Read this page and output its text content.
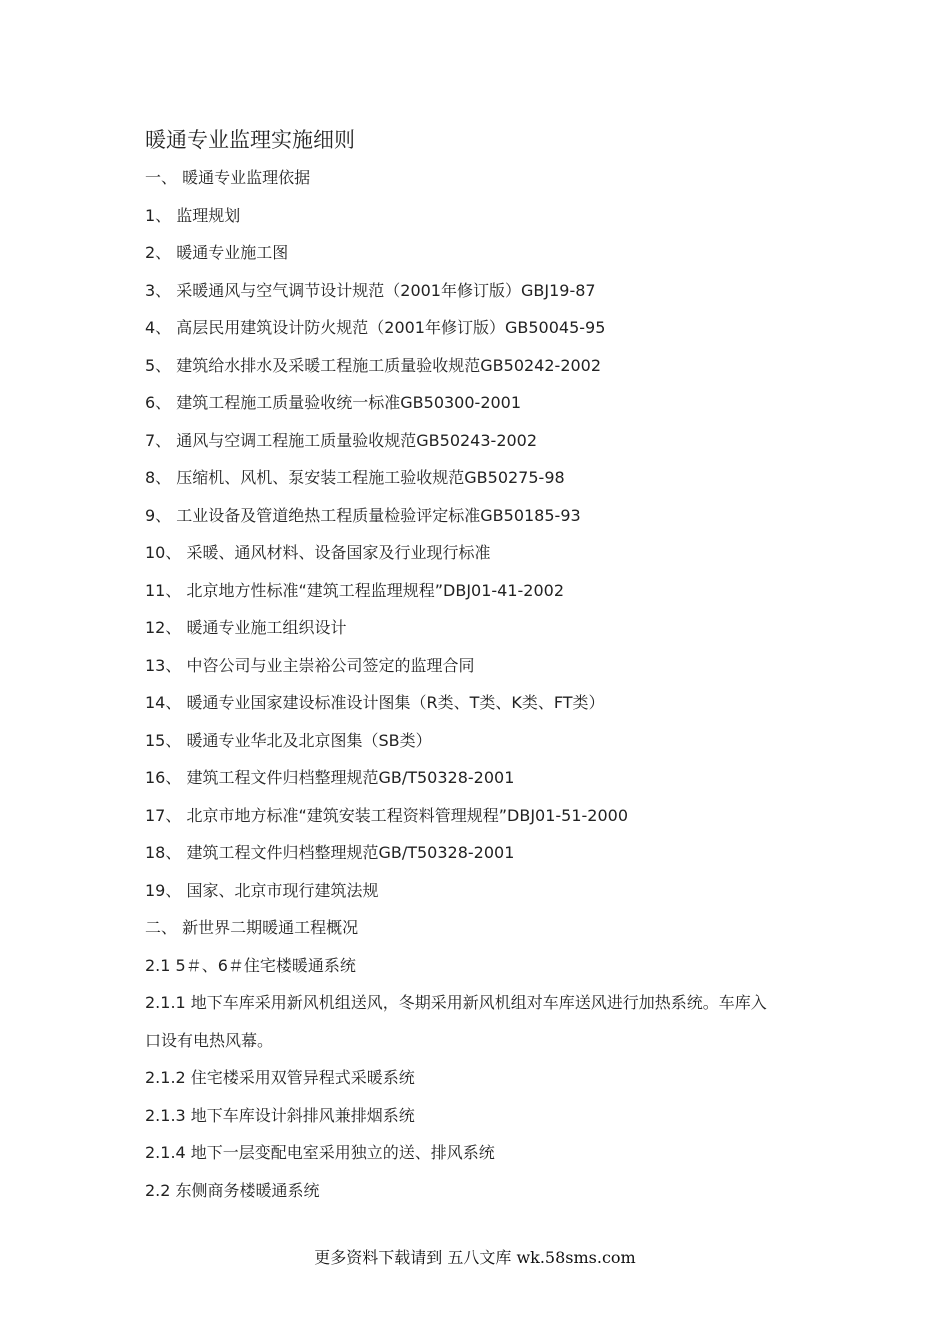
暖通专业监理实施细则
一、 暖通专业监理依据
1、 监理规划
2、 暖通专业施工图
3、 采暖通风与空气调节设计规范（2001年修订版）GBJ19-87
4、 高层民用建筑设计防火规范（2001年修订版）GB50045-95
5、 建筑给水排水及采暖工程施工质量验收规范GB50242-2002
6、 建筑工程施工质量验收统一标准GB50300-2001
7、 通风与空调工程施工质量验收规范GB50243-2002
8、 压缩机、风机、泵安装工程施工验收规范GB50275-98
9、 工业设备及管道绝热工程质量检验评定标准GB50185-93
10、 采暖、通风材料、设备国家及行业现行标准
11、 北京地方性标准“建筑工程监理规程”DBJ01-41-2002
12、 暖通专业施工组织设计
13、 中咨公司与业主崇裕公司签定的监理合同
14、 暖通专业国家建设标准设计图集（R类、T类、K类、FT类）
15、 暖通专业华北及北京图集（SB类）
16、 建筑工程文件归档整理规范GB/T50328-2001
17、 北京市地方标准“建筑安装工程资料管理规程”DBJ01-51-2000
18、 建筑工程文件归档整理规范GB/T50328-2001
19、 国家、北京市现行建筑法规
二、 新世界二期暖通工程概况
2.1 5＃、6＃住宅楼暖通系统
2.1.1 地下车库采用新风机组送风，冬期采用新风机组对车库送风进行加热系统。车库入
口设有电热风幕。
2.1.2 住宅楼采用双管异程式采暖系统
2.1.3 地下车库设计斜排风兼排烟系统
2.1.4 地下一层变配电室采用独立的送、排风系统
2.2 东侧商务楼暖通系统
更多资料下载请到 五八文库 wk.58sms.com
